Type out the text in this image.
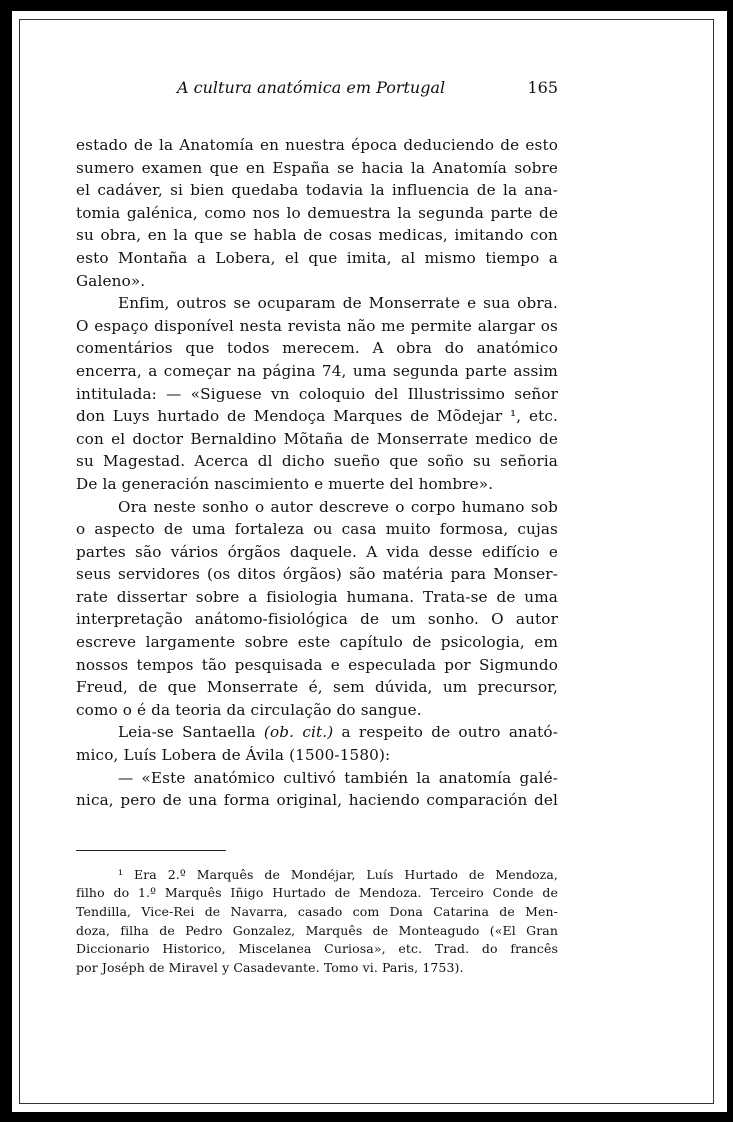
A cultura anatómica em Portugal	165
estado de la Anatomía en nuestra época deduciendo de esto
sumero examen que en España se hacia la Anatomía sobre
el cadáver, si bien quedaba todavia la influencia de la ana-
tomia galénica, como nos lo demuestra la segunda parte de
su obra, en la que se habla de cosas medicas, imitando con
esto Montaña a Lobera, el que imita, al mismo tiempo a
Galeno».
Enfim, outros se ocuparam de Monserrate e sua obra.
O espaço disponível nesta revista não me permite alargar os
comentários que todos merecem. A obra do anatómico
encerra, a começar na página 74, uma segunda parte assim
intitulada: — «Siguese vn coloquio del Illustrissimo señor
don Luys hurtado de Mendoça Marques de Mõdejar ¹, etc.
con el doctor Bernaldino Mõtaña de Monserrate medico de
su Magestad. Acerca dl dicho sueño que soño su señoria
De la generación nascimiento e muerte del hombre».
Ora neste sonho o autor descreve o corpo humano sob
o aspecto de uma fortaleza ou casa muito formosa, cujas
partes são vários órgãos daquele. A vida desse edifício e
seus servidores (os ditos órgãos) são matéria para Monser-
rate dissertar sobre a fisiologia humana. Trata-se de uma
interpretação anátomo-fisiológica de um sonho. O autor
escreve largamente sobre este capítulo de psicologia, em
nossos tempos tão pesquisada e especulada por Sigmundo
Freud, de que Monserrate é, sem dúvida, um precursor,
como o é da teoria da circulação do sangue.
Leia-se Santaella (ob. cit.) a respeito de outro anató-
mico, Luís Lobera de Ávila (1500-1580):
— «Este anatómico cultivó también la anatomía galé-
nica, pero de una forma original, haciendo comparación del
¹ Era 2.º Marquês de Mondéjar, Luís Hurtado de Mendoza,
filho do 1.º Marquês Iñigo Hurtado de Mendoza. Terceiro Conde de
Tendilla, Vice-Rei de Navarra, casado com Dona Catarina de Men-
doza, filha de Pedro Gonzalez, Marquês de Monteagudo («El Gran
Diccionario Historico, Miscelanea Curiosa», etc. Trad. do francês
por Joséph de Miravel y Casadevante. Tomo vi. Paris, 1753).
